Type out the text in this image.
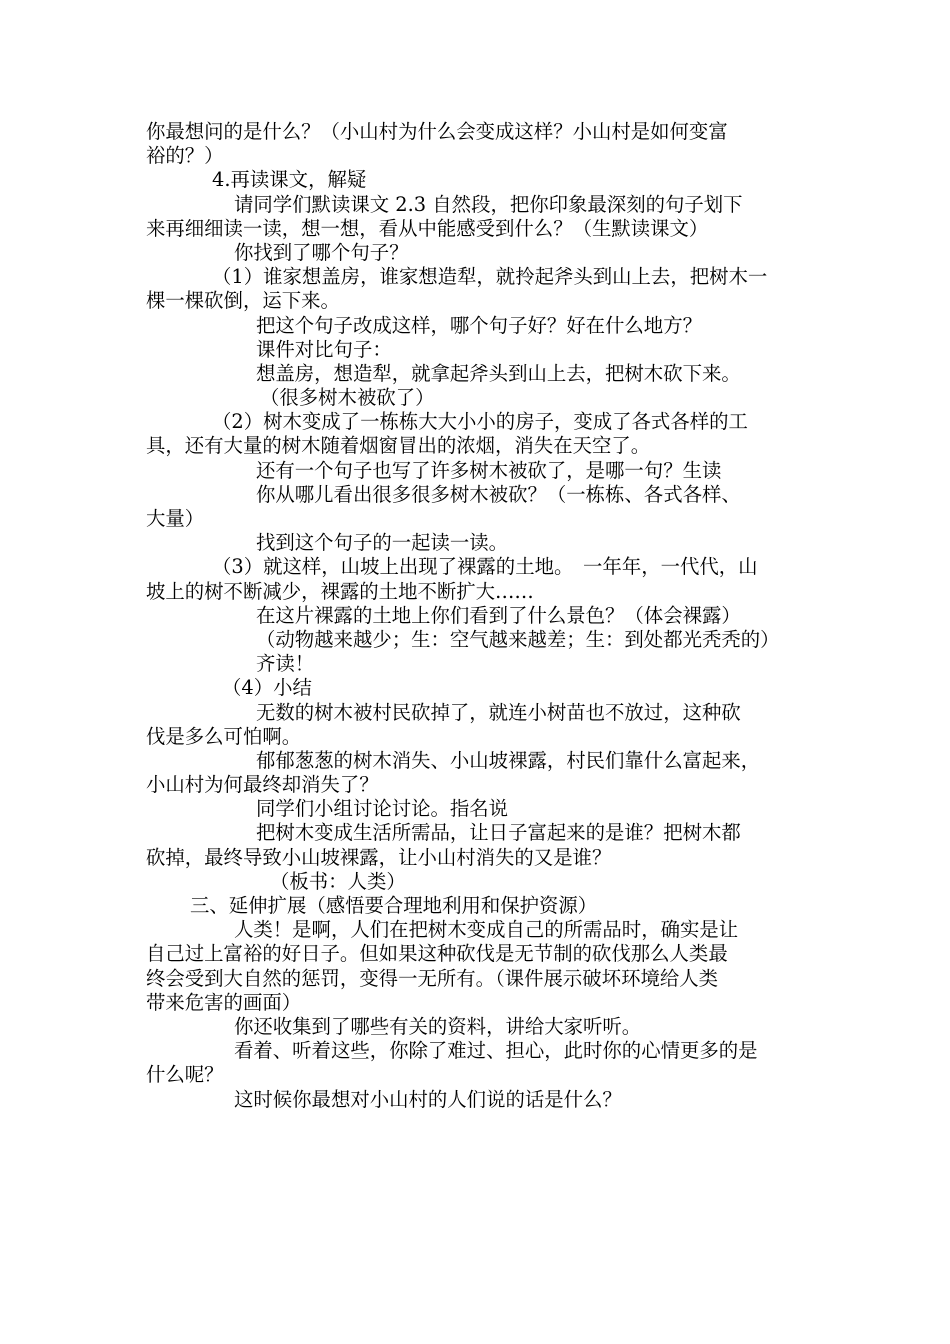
你最想问的是什么？（小山村为什么会变成这样？小山村是如何变富
裕的？）
4.再读课文，解疑
请同学们默读课文 2.3 自然段，把你印象最深刻的句子划下
来再细细读一读，想一想，看从中能感受到什么？（生默读课文）
你找到了哪个句子？
（1）谁家想盖房，谁家想造犁，就拎起斧头到山上去，把树木一
棵一棵砍倒，运下来。
把这个句子改成这样，哪个句子好？好在什么地方？
课件对比句子：
想盖房，想造犁，就拿起斧头到山上去，把树木砍下来。
（很多树木被砍了）
（2）树木变成了一栋栋大大小小的房子，变成了各式各样的工
具，还有大量的树木随着烟窗冒出的浓烟，消失在天空了。
还有一个句子也写了许多树木被砍了，是哪一句？生读
你从哪儿看出很多很多树木被砍？（一栋栋、各式各样、
大量）
找到这个句子的一起读一读。
（3）就这样，山坡上出现了裸露的土地。　一年年，一代代，山
坡上的树不断减少，裸露的土地不断扩大……
在这片裸露的土地上你们看到了什么景色？（体会裸露）
（动物越来越少；生：空气越来越差；生：到处都光秃秃的）
齐读！
（4）小结
无数的树木被村民砍掉了，就连小树苗也不放过，这种砍
伐是多么可怕啊。
郁郁葱葱的树木消失、小山坡裸露，村民们靠什么富起来，
小山村为何最终却消失了？
同学们小组讨论讨论。指名说
把树木变成生活所需品，让日子富起来的是谁？把树木都
砍掉，最终导致小山坡裸露，让小山村消失的又是谁？
（板书：人类）
三、延伸扩展（感悟要合理地利用和保护资源）
人类！是啊，人们在把树木变成自己的所需品时，确实是让
自己过上富裕的好日子。但如果这种砍伐是无节制的砍伐那么人类最
终会受到大自然的惩罚，变得一无所有。（课件展示破坏环境给人类
带来危害的画面）
你还收集到了哪些有关的资料，讲给大家听听。
看着、听着这些，你除了难过、担心，此时你的心情更多的是
什么呢？
这时候你最想对小山村的人们说的话是什么？
